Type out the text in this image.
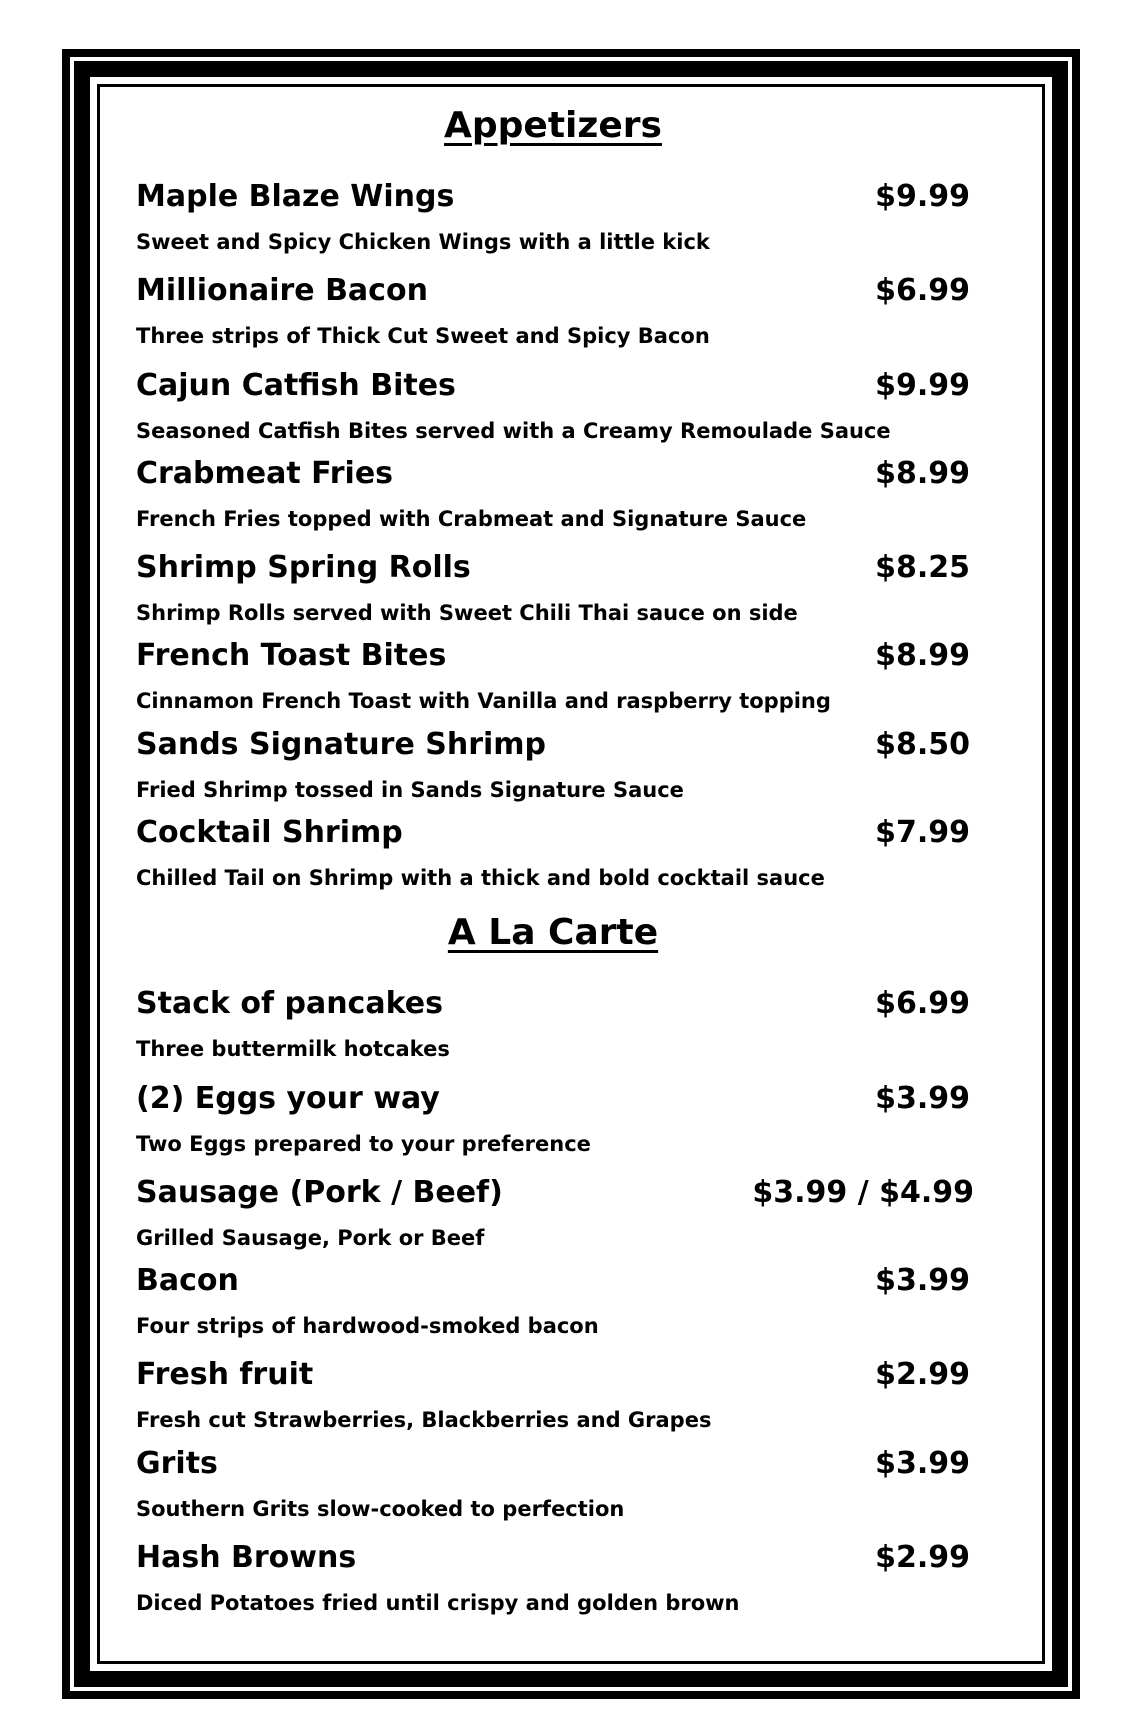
Appetizers
Maple Blaze Wings	$9.99
Sweet and Spicy Chicken Wings with a little kick
Millionaire Bacon	$6.99
Three strips of Thick Cut Sweet and Spicy Bacon
Cajun Catfish Bites	$9.99
Seasoned Catfish Bites served with a Creamy Remoulade Sauce
Crabmeat Fries	$8.99
French Fries topped with Crabmeat and Signature Sauce
Shrimp Spring Rolls	$8.25
Shrimp Rolls served with Sweet Chili Thai sauce on side
French Toast Bites	$8.99
Cinnamon French Toast with Vanilla and raspberry topping
Sands Signature Shrimp	$8.50
Fried Shrimp tossed in Sands Signature Sauce
Cocktail Shrimp	$7.99
Chilled Tail on Shrimp with a thick and bold cocktail sauce
A La Carte
Stack of pancakes	$6.99
Three buttermilk hotcakes
(2) Eggs your way	$3.99
Two Eggs prepared to your preference
Sausage (Pork / Beef)	$3.99 / $4.99
Grilled Sausage, Pork or Beef
Bacon	$3.99
Four strips of hardwood-smoked bacon
Fresh fruit	$2.99
Fresh cut Strawberries, Blackberries and Grapes
Grits	$3.99
Southern Grits slow-cooked to perfection
Hash Browns	$2.99
Diced Potatoes fried until crispy and golden brown
